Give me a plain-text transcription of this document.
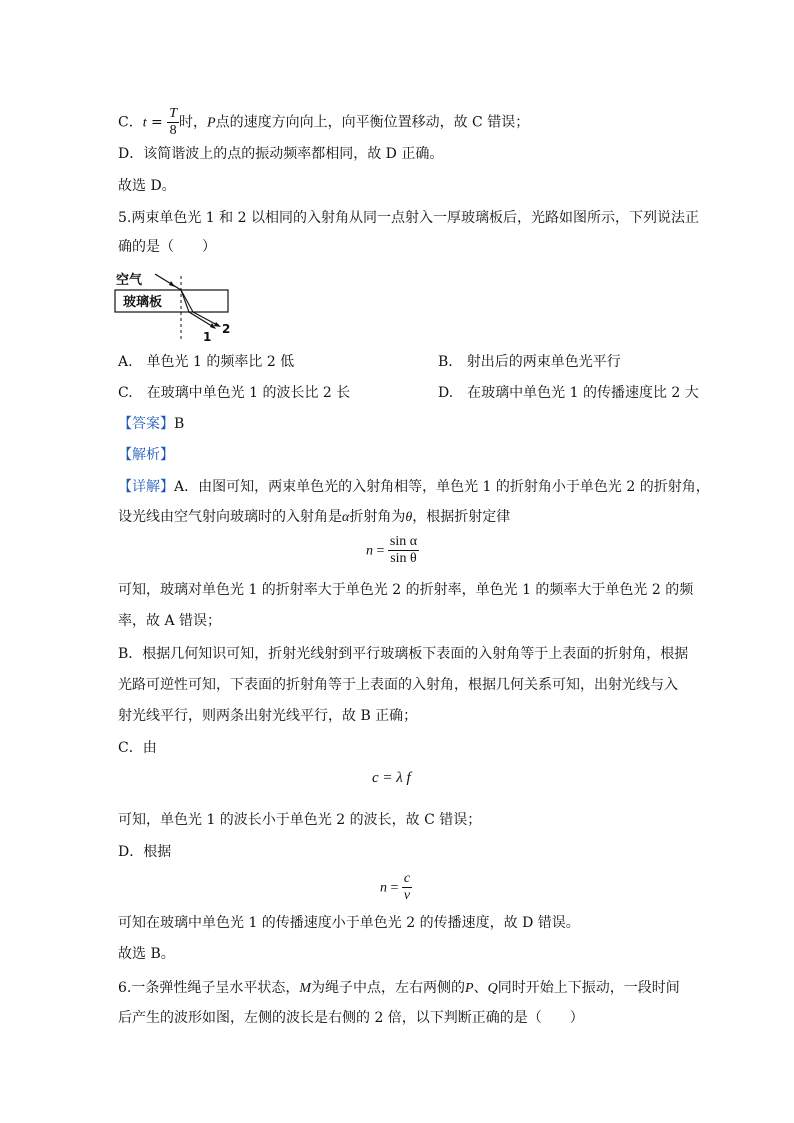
C．$t = \frac{T}{8}$ 时，P点的速度方向向上，向平衡位置移动，故 C 错误；
D．该简谐波上的点的振动频率都相同，故 D 正确。
故选 D。
5.两束单色光 1 和 2 以相同的入射角从同一点射入一厚玻璃板后，光路如图所示，下列说法正
确的是（　　）
空气
玻璃板
1
2
A.　单色光 1 的频率比 2 低	B.　射出后的两束单色光平行
C.　在玻璃中单色光 1 的波长比 2 长	D.　在玻璃中单色光 1 的传播速度比 2 大
【答案】B
【解析】
【详解】A．由图可知，两束单色光的入射角相等，单色光 1 的折射角小于单色光 2 的折射角，
设光线由空气射向玻璃时的入射角是α折射角为θ，根据折射定律
$n = \frac{\text{sin α}}{\text{sin θ}}$
可知，玻璃对单色光 1 的折射率大于单色光 2 的折射率，单色光 1 的频率大于单色光 2 的频
率，故 A 错误；
B．根据几何知识可知，折射光线射到平行玻璃板下表面的入射角等于上表面的折射角，根据
光路可逆性可知，下表面的折射角等于上表面的入射角，根据几何关系可知，出射光线与入
射光线平行，则两条出射光线平行，故 B 正确；
C．由
c = λ f
可知，单色光 1 的波长小于单色光 2 的波长，故 C 错误；
D．根据
$n = \frac{c}{v}$
可知在玻璃中单色光 1 的传播速度小于单色光 2 的传播速度，故 D 错误。
故选 B。
6.一条弹性绳子呈水平状态，M为绳子中点，左右两侧的P、Q同时开始上下振动，一段时间
后产生的波形如图，左侧的波长是右侧的 2 倍，以下判断正确的是（　　）
